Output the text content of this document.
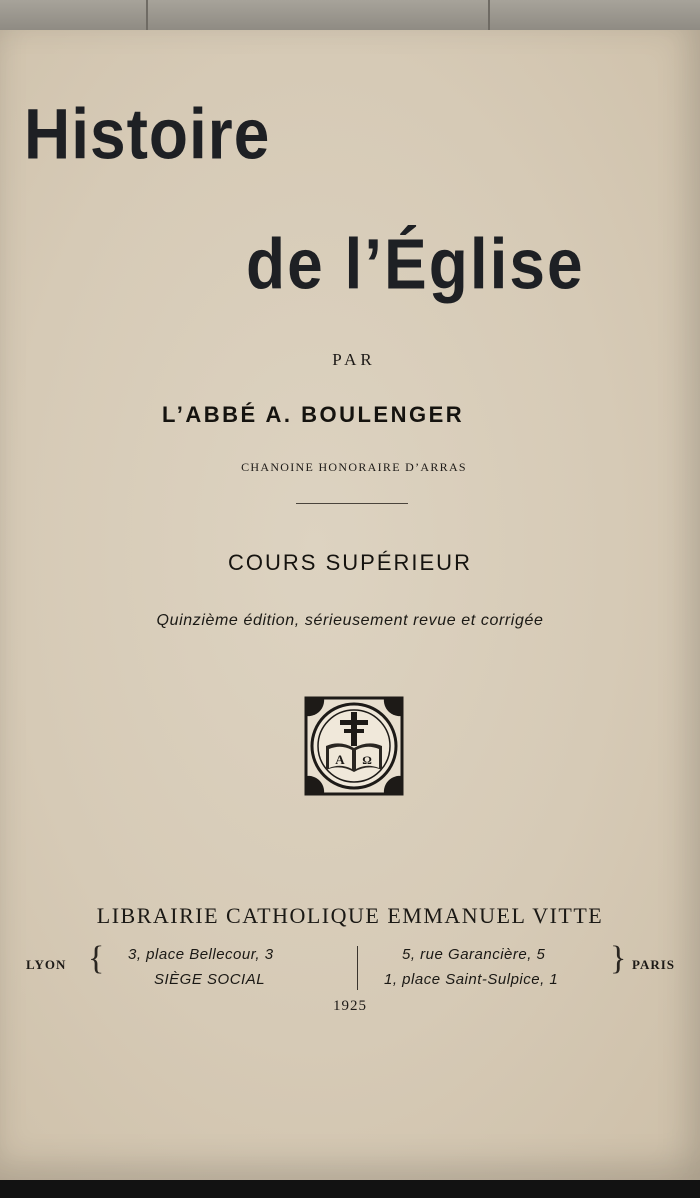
Histoire
de l’Église
PAR
L’ABBÉ A. BOULENGER
CHANOINE HONORAIRE D’ARRAS
COURS SUPÉRIEUR
Quinzième édition, sérieusement revue et corrigée
A Ω
LIBRAIRIE CATHOLIQUE EMMANUEL VITTE
LYON { 3, place Bellecour, 3
SIÈGE SOCIAL
5, rue Garancière, 5
1, place Saint-Sulpice, 1
} PARIS
1925
